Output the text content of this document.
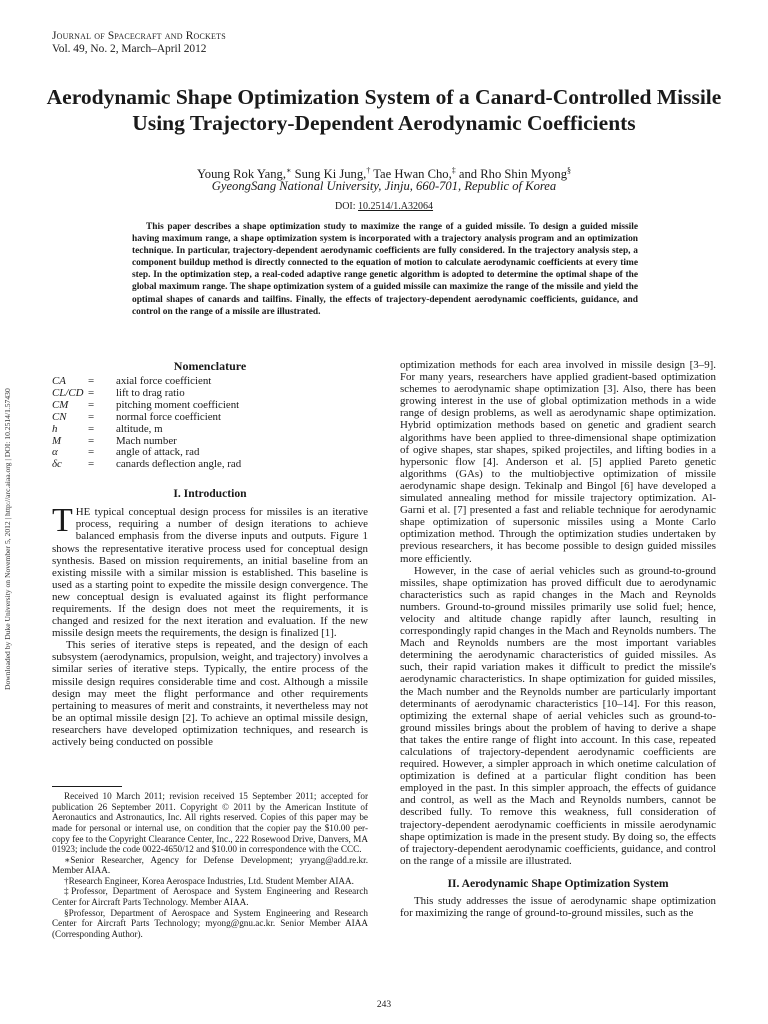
Downloaded by Duke University on November 5, 2012 | http://arc.aiaa.org | DOI: 10.2514/1.57430
Journal of Spacecraft and Rockets
Vol. 49, No. 2, March–April 2012
Aerodynamic Shape Optimization System of a Canard-Controlled Missile Using Trajectory-Dependent Aerodynamic Coefficients
Young Rok Yang,∗ Sung Ki Jung,† Tae Hwan Cho,‡ and Rho Shin Myong§
GyeongSang National University, Jinju, 660-701, Republic of Korea
DOI: 10.2514/1.A32064

This paper describes a shape optimization study to maximize the range of a guided missile. To design a guided missile having maximum range, a shape optimization system is incorporated with a trajectory analysis program and an optimization technique. In particular, trajectory-dependent aerodynamic coefficients are fully considered. In the trajectory analysis step, a component buildup method is directly connected to the equation of motion to calculate aerodynamic coefficients at every time step. In the optimization step, a real-coded adaptive range genetic algorithm is adopted to determine the optimal shape of the global maximum range. The shape optimization system of a guided missile can maximize the range of the missile and yield the optimal shapes of canards and tailfins. Finally, the effects of trajectory-dependent aerodynamic coefficients, guidance, and control on the range of a missile are illustrated.

Nomenclature
CA	=	axial force coefficient
CL/CD =	lift to drag ratio
CM	=	pitching moment coefficient
CN	=	normal force coefficient
h	=	altitude, m
M	=	Mach number
α	=	angle of attack, rad
δc	=	canards deflection angle, rad
I. Introduction

THE typical conceptual design process for missiles is an iterative process, requiring a number of design iterations to achieve balanced emphasis from the diverse inputs and outputs. Figure 1 shows the representative iterative process used for conceptual design synthesis. Based on mission requirements, an initial baseline from an existing missile with a similar mission is established. This baseline is used as a starting point to expedite the missile design convergence. The new conceptual design is evaluated against its flight performance requirements. If the design does not meet the requirements, it is changed and resized for the next iteration and evaluation. If the new missile design meets the requirements, the design is finalized [1].

This series of iterative steps is repeated, and the design of each subsystem (aerodynamics, propulsion, weight, and trajectory) involves a similar series of iterative steps. Typically, the entire process of the missile design requires considerable time and cost. Although a missile design may meet the flight performance and other requirements pertaining to measures of merit and constraints, it nevertheless may not be an optimal missile design [2]. To achieve an optimal missile design, researchers have developed optimization techniques, and research is actively being conducted on possible

Received 10 March 2011; revision received 15 September 2011; accepted for publication 26 September 2011. Copyright © 2011 by the American Institute of Aeronautics and Astronautics, Inc. All rights reserved. Copies of this paper may be made for personal or internal use, on condition that the copier pay the $10.00 per-copy fee to the Copyright Clearance Center, Inc., 222 Rosewood Drive, Danvers, MA 01923; include the code 0022-4650/12 and $10.00 in correspondence with the CCC.

∗Senior Researcher, Agency for Defense Development; yryang@add.re.kr. Member AIAA.

†Research Engineer, Korea Aerospace Industries, Ltd. Student Member AIAA.

‡Professor, Department of Aerospace and System Engineering and Research Center for Aircraft Parts Technology. Member AIAA.

§Professor, Department of Aerospace and System Engineering and Research Center for Aircraft Parts Technology; myong@gnu.ac.kr. Senior Member AIAA (Corresponding Author).

optimization methods for each area involved in missile design [3–9]. For many years, researchers have applied gradient-based optimization schemes to aerodynamic shape optimization [3]. Also, there has been growing interest in the use of global optimization methods in a wide range of design problems, as well as aerodynamic shape optimization. Hybrid optimization methods based on genetic and gradient search algorithms have been applied to three-dimensional shape optimization of ogive shapes, star shapes, spiked projectiles, and lifting bodies in a hypersonic flow [4]. Anderson et al. [5] applied Pareto genetic algorithms (GAs) to the multiobjective optimization of missile aerodynamic shape design. Tekinalp and Bingol [6] have developed a simulated annealing method for missile trajectory optimization. Al-Garni et al. [7] presented a fast and reliable technique for aerodynamic shape optimization of supersonic missiles using a Monte Carlo optimization method. Through the optimization studies undertaken by previous researchers, it has become possible to design guided missiles more efficiently.

However, in the case of aerial vehicles such as ground-to-ground missiles, shape optimization has proved difficult due to aerodynamic characteristics such as rapid changes in the Mach and Reynolds numbers. Ground-to-ground missiles primarily use solid fuel; hence, velocity and altitude change rapidly after launch, resulting in correspondingly rapid changes in the Mach and Reynolds numbers. The Mach and Reynolds numbers are the most important variables determining the aerodynamic characteristics of guided missiles. As such, their rapid variation makes it difficult to predict the missile's aerodynamic characteristics. In shape optimization for guided missiles, the Mach number and the Reynolds number are particularly important determinants of aerodynamic characteristics [10–14]. For this reason, optimizing the external shape of aerial vehicles such as ground-to-ground missiles brings about the problem of having to derive a shape that takes the entire range of flight into account. In this case, repeated calculations of trajectory-dependent aerodynamic coefficients are required. However, a simpler approach in which onetime calculation of optimization is defined at a particular flight condition has been employed in the past. In this simpler approach, the effects of guidance and control, as well as the Mach and Reynolds numbers, cannot be described fully. To remove this weakness, full consideration of trajectory-dependent aerodynamic coefficients in missile aerodynamic shape optimization is made in the present study. By doing so, the effects of trajectory-dependent aerodynamic coefficients, guidance, and control on the range of a missile are illustrated.

II. Aerodynamic Shape Optimization System

This study addresses the issue of aerodynamic shape optimization for maximizing the range of ground-to-ground missiles, such as the

243
